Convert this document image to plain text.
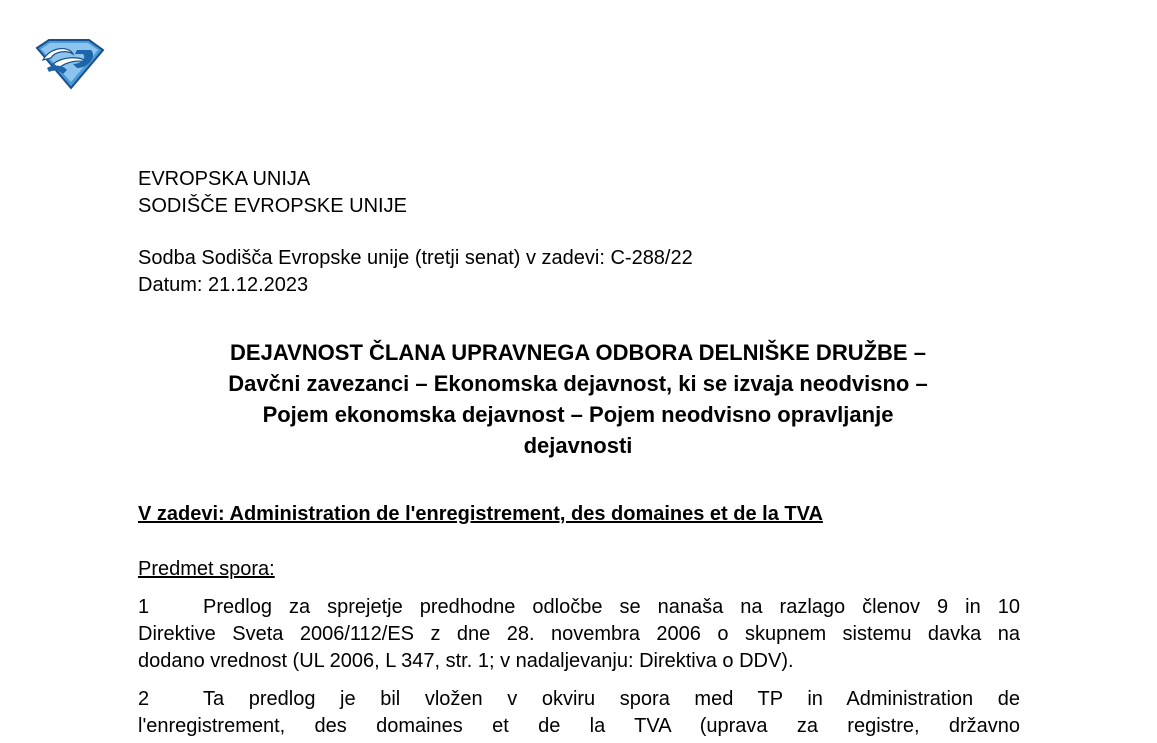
EVROPSKA UNIJA
SODIŠČE EVROPSKE UNIJE
Sodba Sodišča Evropske unije (tretji senat) v zadevi: C-288/22
Datum: 21.12.2023
DEJAVNOST ČLANA UPRAVNEGA ODBORA DELNIŠKE DRUŽBE –
Davčni zavezanci – Ekonomska dejavnost, ki se izvaja neodvisno –
Pojem ekonomska dejavnost – Pojem neodvisno opravljanje
dejavnosti
V zadevi: Administration de l'enregistrement, des domaines et de la TVA
Predmet spora:
1	Predlog za sprejetje predhodne odločbe se nanaša na razlago členov 9 in 10
Direktive Sveta 2006/112/ES z dne 28. novembra 2006 o skupnem sistemu davka na
dodano vrednost (UL 2006, L 347, str. 1; v nadaljevanju: Direktiva o DDV).
2	Ta predlog je bil vložen v okviru spora med TP in Administration de
l'enregistrement, des domaines et de la TVA (uprava za registre, državno
